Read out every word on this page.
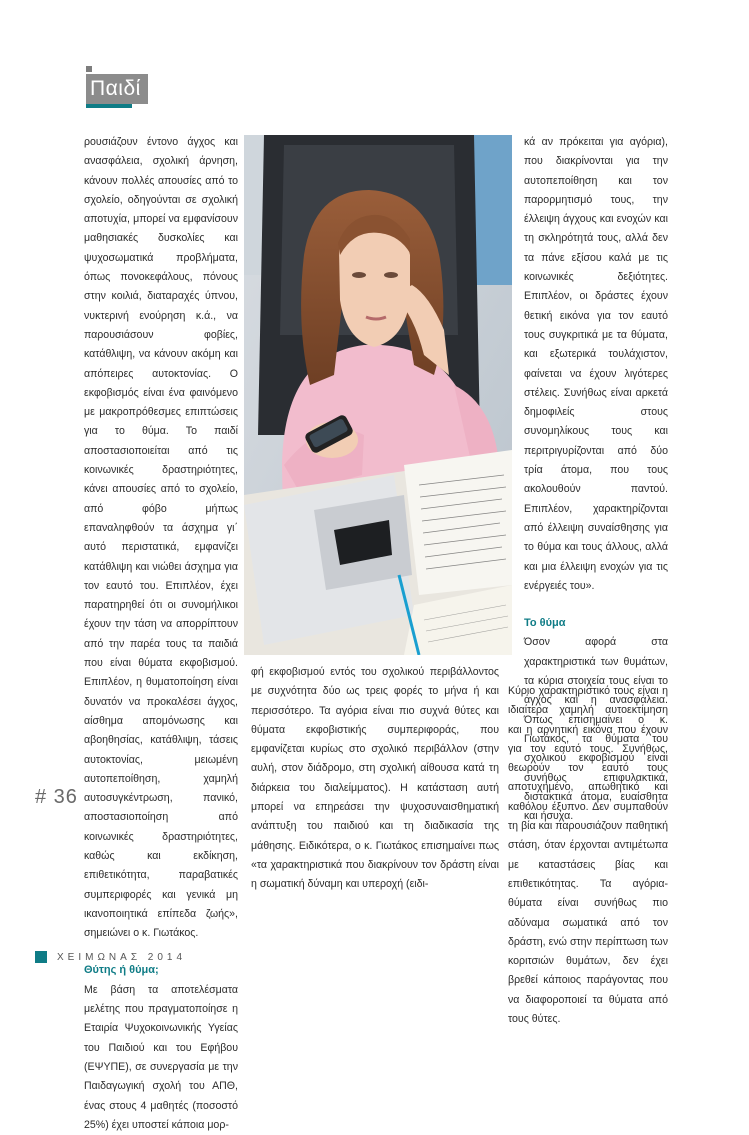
Παιδί

ρουσιάζουν έντονο άγχος και ανασφάλεια, σχολική άρνηση, κάνουν πολλές απουσίες από το σχολείο, οδηγούνται σε σχολική αποτυχία, μπορεί να εμφανίσουν μαθησιακές δυσκολίες και ψυχοσωματικά προβλήματα, όπως πονοκεφάλους, πόνους στην κοιλιά, διαταραχές ύπνου, νυκτερινή ενούρηση κ.ά., να παρουσιάσουν φοβίες, κατάθλιψη, να κάνουν ακόμη και απόπειρες αυτοκτονίας. Ο εκφοβισμός είναι ένα φαινόμενο με μακροπρόθεσμες επιπτώσεις για το θύμα. Το παιδί αποστασιοποιείται από τις κοινωνικές δραστηριότητες, κάνει απουσίες από το σχολείο, από φόβο μήπως επαναληφθούν τα άσχημα γι΄ αυτό περιστατικά, εμφανίζει κατάθλιψη και νιώθει άσχημα για τον εαυτό του. Επιπλέον, έχει παρατηρηθεί ότι οι συνομήλικοι έχουν την τάση να απορρίπτουν από την παρέα τους τα παιδιά που είναι θύματα εκφοβισμού. Επιπλέον, η θυματοποίηση είναι δυνατόν να προκαλέσει άγχος, αίσθημα απομόνωσης και αβοηθησίας, κατάθλιψη, τάσεις αυτοκτονίας, μειωμένη αυτοπεποίθηση, χαμηλή αυτοσυγκέντρωση, πανικό, αποστασιοποίηση από κοινωνικές δραστηριότητες, καθώς και εκδίκηση, επιθετικότητα, παραβατικές συμπεριφορές και γενικά μη ικανοποιητικά επίπεδα ζωής», σημειώνει ο κ. Γιωτάκος.

Θύτης ή θύμα;

Με βάση τα αποτελέσματα μελέτης που πραγματοποίησε η Εταιρία Ψυχοκοινωνικής Υγείας του Παιδιού και του Εφήβου (ΕΨΥΠΕ), σε συνεργασία με την Παιδαγωγική σχολή του ΑΠΘ, ένας στους 4 μαθητές (ποσοστό 25%) έχει υποστεί κάποια μορ-

φή εκφοβισμού εντός του σχολικού περιβάλλοντος με συχνότητα δύο ως τρεις φορές το μήνα ή και περισσότερο. Τα αγόρια είναι πιο συχνά θύτες και θύματα εκφοβιστικής συμπεριφοράς, που εμφανίζεται κυρίως στο σχολικό περιβάλλον (στην αυλή, στον διάδρομο, στη σχολική αίθουσα κατά τη διάρκεια του διαλείμματος). Η κατάσταση αυτή μπορεί να επηρεάσει την ψυχοσυναισθηματική ανάπτυξη του παιδιού και τη διαδικασία της μάθησης. Ειδικότερα, ο κ. Γιωτάκος επισημαίνει πως «τα χαρακτηριστικά που διακρίνουν τον δράστη είναι η σωματική δύναμη και υπεροχή (ειδι-

κά αν πρόκειται για αγόρια), που διακρίνονται για την αυτοπεποίθηση και τον παρορμητισμό τους, την έλλειψη άγχους και ενοχών και τη σκληρότητά τους, αλλά δεν τα πάνε εξίσου καλά με τις κοινωνικές δεξιότητες. Επιπλέον, οι δράστες έχουν θετική εικόνα για τον εαυτό τους συγκριτικά με τα θύματα, και εξωτερικά τουλάχιστον, φαίνεται να έχουν λιγότερες στέλεις. Συνήθως είναι αρκετά δημοφιλείς στους συνομηλίκους τους και περιτριγυρίζονται από δύο τρία άτομα, που τους ακολουθούν παντού. Επιπλέον, χαρακτηρίζονται από έλλειψη συναίσθησης για το θύμα και τους άλλους, αλλά και μια έλλειψη ενοχών για τις ενέργειές του».

Το θύμα

Όσον αφορά στα χαρακτηριστικά των θυμάτων, τα κύρια στοιχεία τους είναι το άγχος και η ανασφάλεια. Όπως επισημαίνει ο κ. Γιωτάκος, τα θύματα του σχολικού εκφοβισμού είναι συνήθως επιφυλακτικά, διστακτικά άτομα, ευαίσθητα και ήσυχα.

Κύριο χαρακτηριστικό τους είναι η ιδιαίτερα χαμηλή αυτοεκτίμηση και η αρνητική εικόνα που έχουν για τον εαυτό τους. Συνήθως, θεωρούν τον εαυτό τους αποτυχημένο, απωθητικό και καθόλου έξυπνο. Δεν συμπαθούν τη βία και παρουσιάζουν παθητική στάση, όταν έρχονται αντιμέτωπα με καταστάσεις βίας και επιθετικότητας. Τα αγόρια- θύματα είναι συνήθως πιο αδύναμα σωματικά από τον δράστη, ενώ στην περίπτωση των κοριτσιών θυμάτων, δεν έχει βρεθεί κάποιος παράγοντας που να διαφοροποιεί τα θύματα από τους θύτες.

# 36
ΧΕΙΜΩΝΑΣ 2014
